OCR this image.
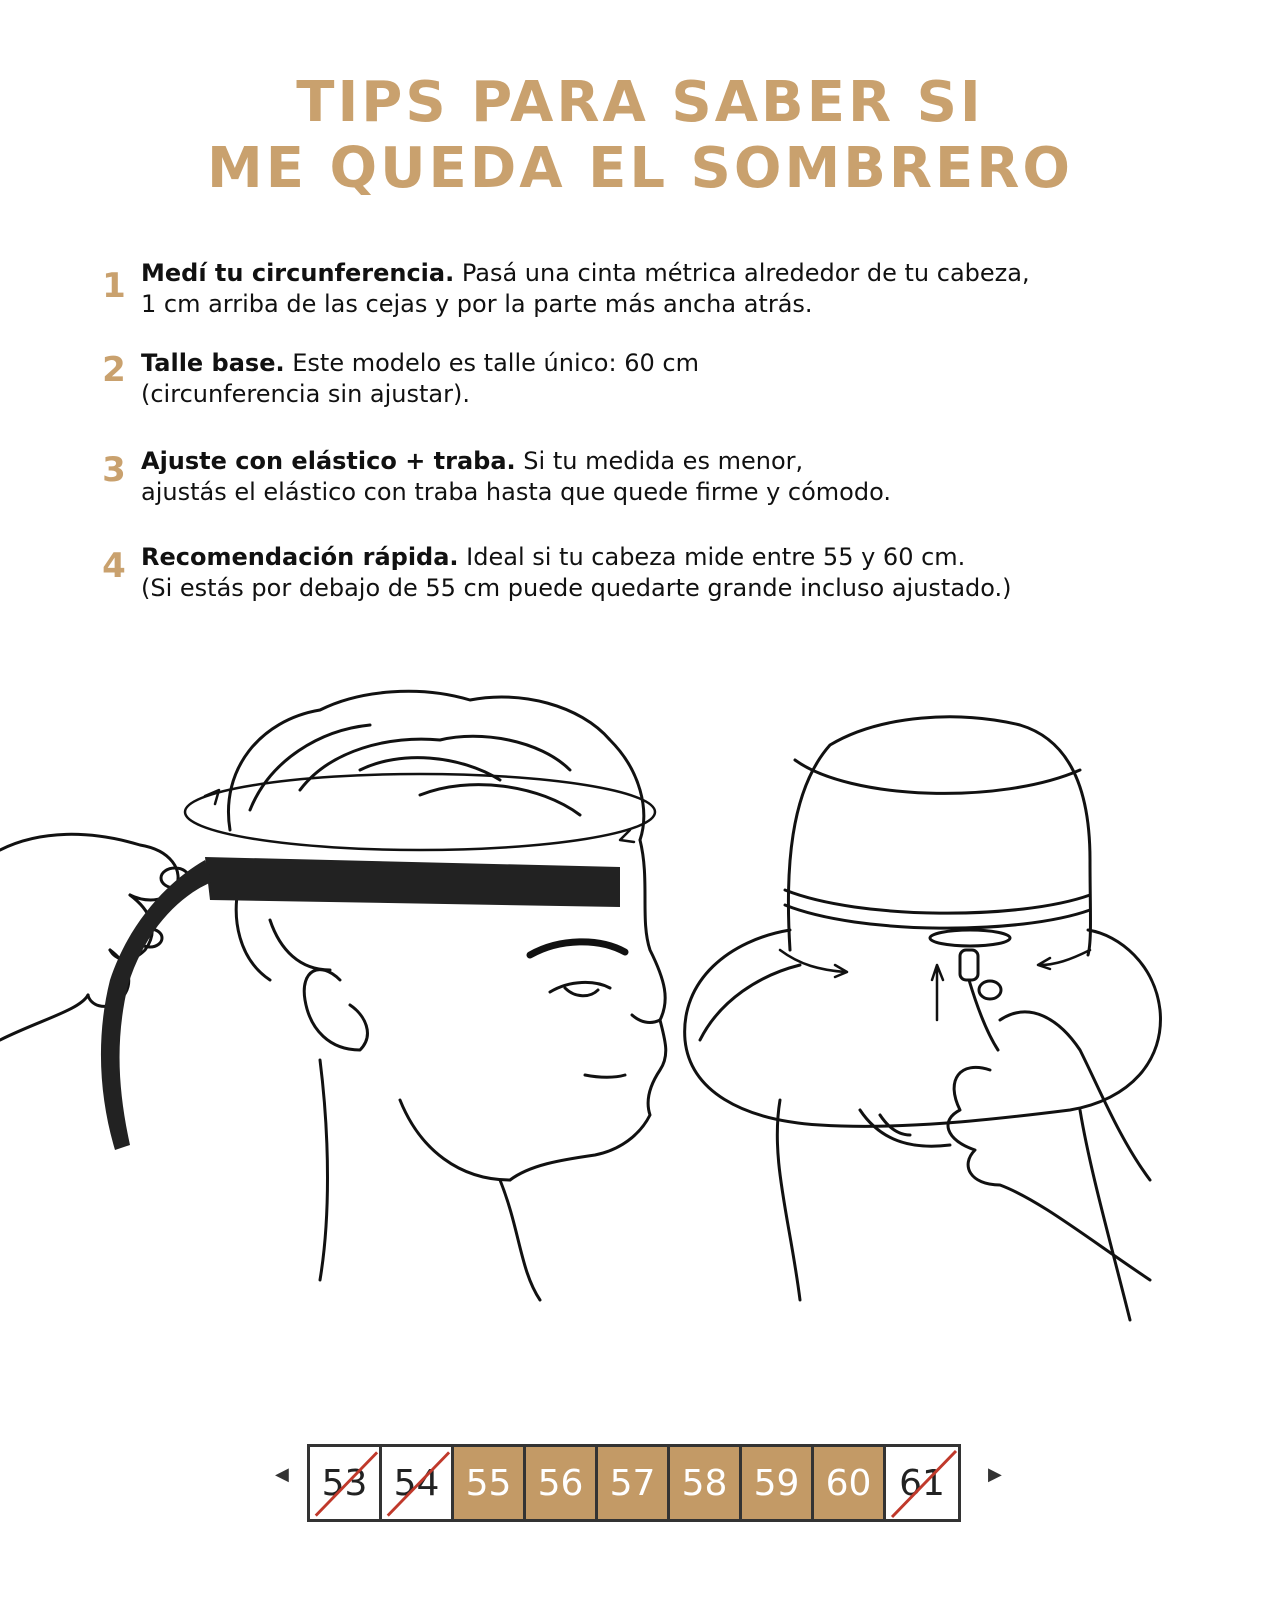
TIPS PARA SABER SI
ME QUEDA EL SOMBRERO
1 Medí tu circunferencia. Pasá una cinta métrica alrededor de tu cabeza,
1 cm arriba de las cejas y por la parte más ancha atrás.
2 Talle base. Este modelo es talle único: 60 cm
(circunferencia sin ajustar).
3 Ajuste con elástico + traba. Si tu medida es menor,
ajustás el elástico con traba hasta que quede firme y cómodo.
4 Recomendación rápida. Ideal si tu cabeza mide entre 55 y 60 cm.
(Si estás por debajo de 55 cm puede quedarte grande incluso ajustado.)
◀	▶
53 54 55 56 57 58 59 60 61
